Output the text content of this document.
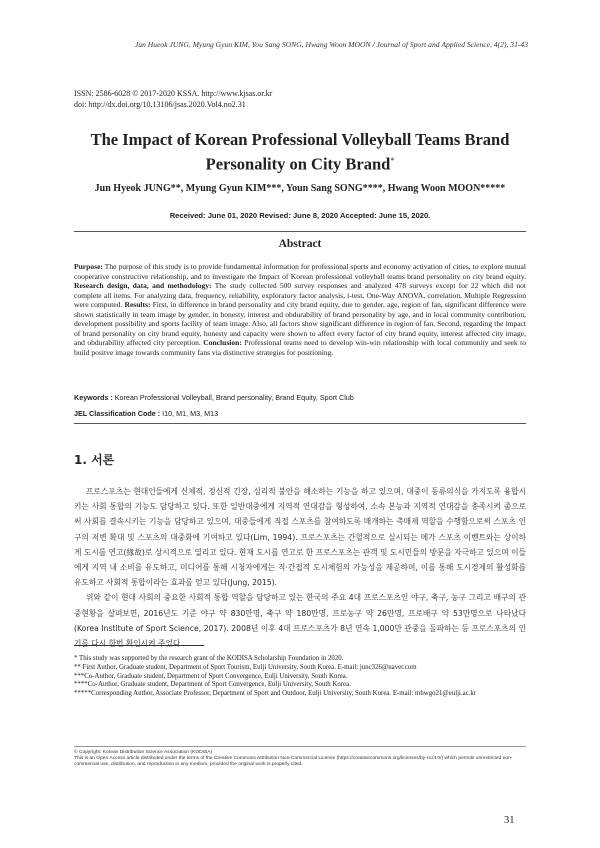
Jun Hueok JUNG, Myung Gyun KIM, You Sang SONG, Hwang Woon MOON / Journal of Sport and Applied Science, 4(2), 31-43
ISSN: 2586-6028 © 2017-2020 KSSA. http://www.kjsas.or.kr
doi: http://dx.doi.org/10.13106/jsas.2020.Vol4.no2.31
The Impact of Korean Professional Volleyball Teams Brand
Personality on City Brand*
Jun Hyeok JUNG**, Myung Gyun KIM***, Youn Sang SONG****, Hwang Woon MOON*****
Received: June 01, 2020 Revised: June 8, 2020 Accepted: June 15, 2020.
Abstract
Purpose: The purpose of this study is to provide fundamental information for professional sports and economy activation of cities, to explore mutual cooperative constructive relationship, and to investigate the Impact of Korean professional volleyball teams brand personality on city brand equity. Research design, data, and methodology: The study collected 500 survey responses and analyzed 478 surveys except for 22 which did not complete all items. For analyzing data, frequency, reliability, exploratory factor analysis, t-test, One-Way ANOVA, correlation, Multiple Regression were computed. Results: First, in difference in brand personality and city brand equity, due to gender, age, region of fan, significant difference were shown statistically in team image by gender, in honesty, interest and obdurability of brand personality by age, and in local community contribution, development possibility and sports facility of team image. Also, all factors show significant difference in region of fan. Second, regarding the impact of brand personality on city brand equity, honesty and capacity were shown to affect every factor of city brand equity, interest affected city image, and obdurability affected city perception. Conclusion: Professional teams need to develop win-win relationship with local community and seek to build positve image towards community fans via distinctive strategies for positioning.
Keywords : Korean Professional Volleyball, Brand personality, Brand Equity, Sport Club
JEL Classification Code : I10, M1, M3, M13
1. 서론

프로스포츠는 현대인들에게 신체적, 정신적 긴장, 심리적 불안을 해소하는 기능을 하고 있으며, 대중이 동류의식을 가지도록 융합시키는 사회 통합의 기능도 담당하고 있다. 또한 일반대중에게 지역적 연대감을 형성하여, 소속 본능과 지역적 연대감을 충족시켜 줌으로써 사회를 결속시키는 기능을 담당하고 있으며, 대중들에게 직접 스포츠를 참여하도록 매개하는 촉매제 역할을 수행함으로써 스포츠 인구의 저변 확대 및 스포츠의 대중화에 기여하고 있다(Lim, 1994). 프로스포츠는 간헐적으로 실시되는 메가 스포츠 이벤트와는 상이하게 도시를 연고(緣故)로 상시적으로 열리고 있다. 현재 도시를 연고로 한 프로스포츠는 관객 및 도시민들의 방문을 자극하고 있으며 이들에게 지역 내 소비를 유도하고, 미디어를 통해 시청자에게는 직·간접적 도시체험의 가능성을 제공하며, 이를 통해 도시경제의 활성화를 유도하고 사회적 통합이라는 효과를 얻고 있다(Jung, 2015).

위와 같이 현대 사회의 중요한 사회적 통합 역할을 담당하고 있는 한국의 주요 4대 프로스포츠인 야구, 축구, 농구 그리고 배구의 관중현황을 살펴보면, 2016년도 기준 야구 약 830만명, 축구 약 180만명, 프로농구 약 26만명, 프로배구 약 53만명으로 나타났다(Korea Institute of Sport Science, 2017). 2008년 이후 4대 프로스포츠가 8년 연속 1,000만 관중을 돌파하는 등 프로스포츠의 인기를 다시 한번 확인시켜 주었다.

* This study was supported by the research grant of the KODISA Scholarship Foundation in 2020.
** First Author, Graduate student, Department of Sport Tourism, Eulji University, South Korea. E-mail: junc326@naver.com
***Co-Author, Graduate student, Department of Sport Convergence, Eulji University, South Korea.
****Co-Author, Graduate student, Department of Sport Convergence, Eulji University, South Korea.
*****Corresponding Author, Associate Professor, Department of Sport and Outdoor, Eulji University, South Korea. E-mail: mhwgo21@eulji.ac.kr
© Copyright: Korean Distribution Science Association (KODISA)
This is an Open Access article distributed under the terms of the Creative Commons Attribution Non-Commercial License (https://creativecommons.org/licenses/by-nc/4.0/) which permits unrestricted non-commercial use, distribution, and reproduction in any medium, provided the original work is properly cited.
31
